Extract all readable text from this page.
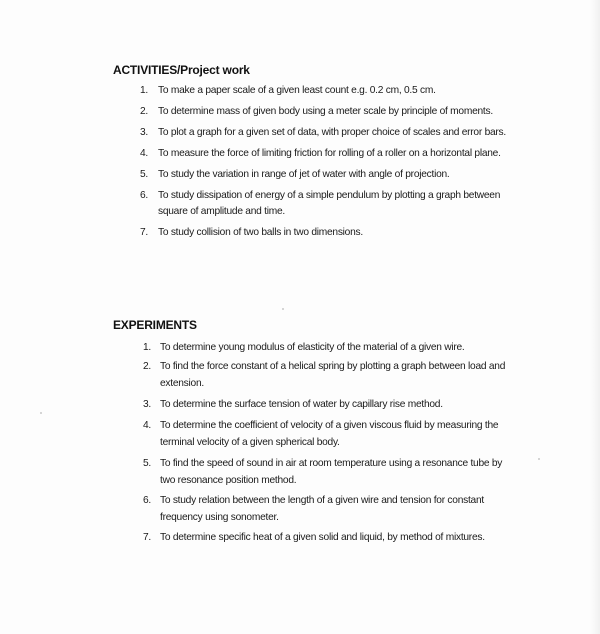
ACTIVITIES/Project work
1. To make a paper scale of a given least count e.g. 0.2 cm, 0.5 cm.
2. To determine mass of given body using a meter scale by principle of moments.
3. To plot a graph for a given set of data, with proper choice of scales and error bars.
4. To measure the force of limiting friction for rolling of a roller on a horizontal plane.
5. To study the variation in range of jet of water with angle of projection.
6. To study dissipation of energy of a simple pendulum by plotting a graph between
square of amplitude and time.
7. To study collision of two balls in two dimensions.
EXPERIMENTS
1. To determine young modulus of elasticity of the material of a given wire.
2. To find the force constant of a helical spring by plotting a graph between load and
extension.
3. To determine the surface tension of water by capillary rise method.
4. To determine the coefficient of velocity of a given viscous fluid by measuring the
terminal velocity of a given spherical body.
5. To find the speed of sound in air at room temperature using a resonance tube by
two resonance position method.
6. To study relation between the length of a given wire and tension for constant
frequency using sonometer.
7. To determine specific heat of a given solid and liquid, by method of mixtures.
